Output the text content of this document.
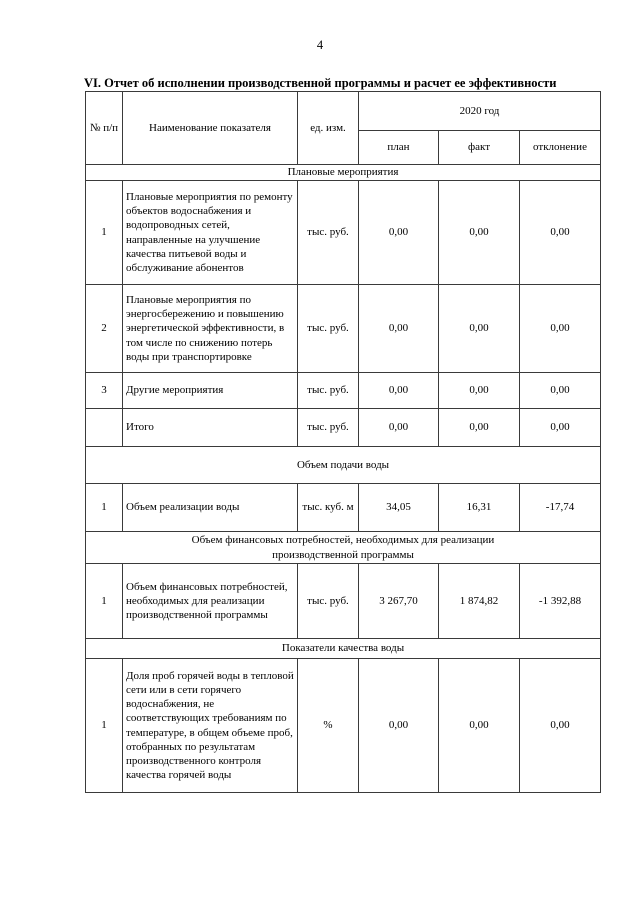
4
VI. Отчет об исполнении производственной программы и расчет ее эффективности
№ п/п	Наименование показателя	ед. изм.	2020 год		
			план	факт	отклонение
Плановые мероприятия					
1	Плановые мероприятия по ремонту объектов водоснабжения и водопроводных сетей, направленные на улучшение качества питьевой воды и обслуживание абонентов	тыс. руб.	0,00	0,00	0,00
2	Плановые мероприятия по энергосбережению и повышению энергетической эффективности, в том числе по снижению потерь воды при транспортировке	тыс. руб.	0,00	0,00	0,00
3	Другие мероприятия	тыс. руб.	0,00	0,00	0,00
	Итого	тыс. руб.	0,00	0,00	0,00
Объем подачи воды					
1	Объем реализации воды	тыс. куб. м	34,05	16,31	-17,74
Объем финансовых потребностей, необходимых для реализации производственной программы					
1	Объем финансовых потребностей, необходимых для реализации производственной программы	тыс. руб.	3 267,70	1 874,82	-1 392,88
Показатели качества воды					
1	Доля проб горячей воды в тепловой сети или в сети горячего водоснабжения, не соответствующих требованиям по температуре, в общем объеме проб, отобранных по результатам производственного контроля качества горячей воды	%	0,00	0,00	0,00
